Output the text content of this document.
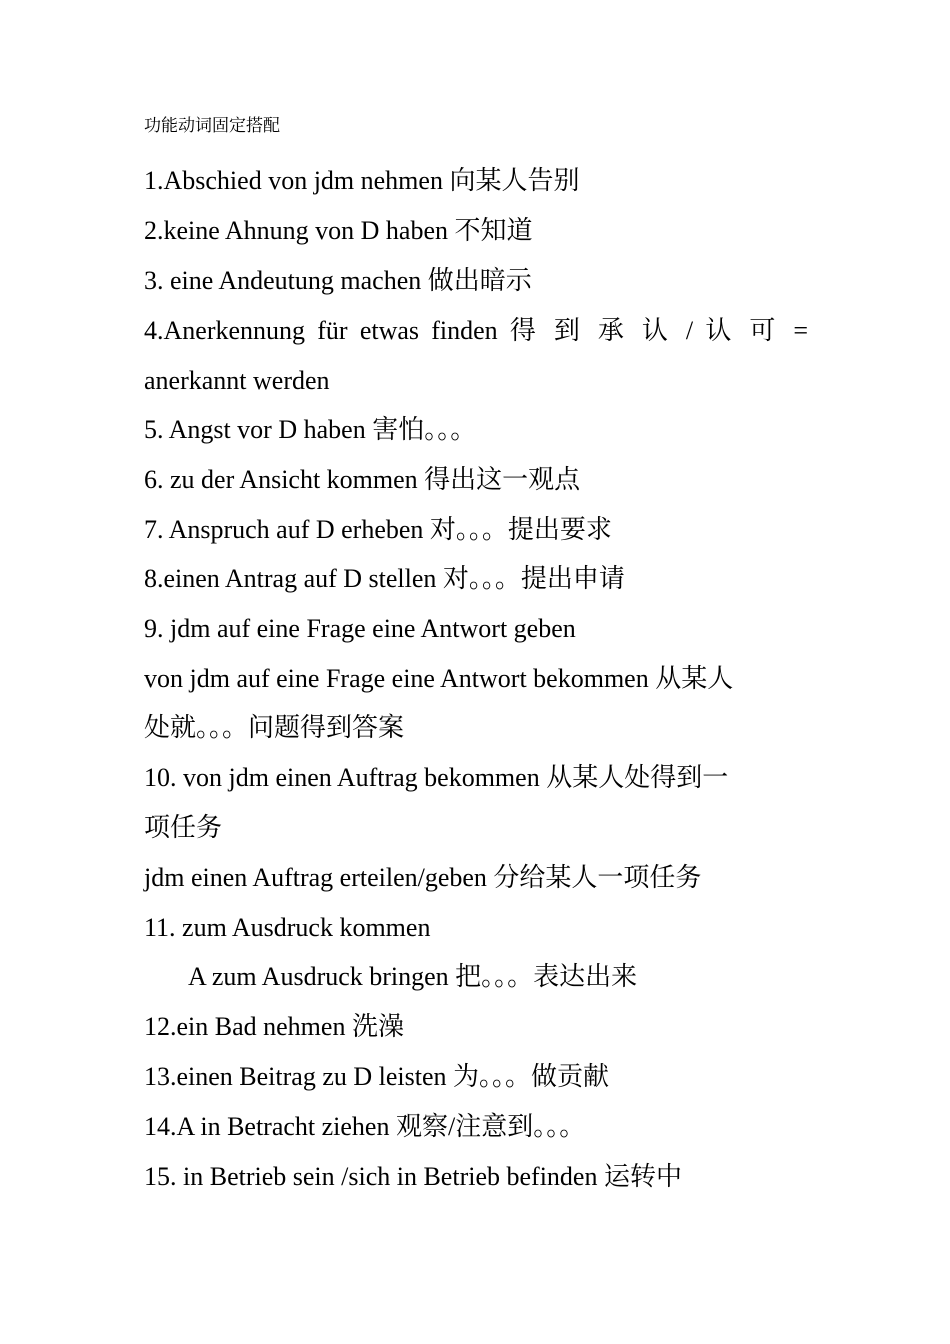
功能动词固定搭配
1.Abschied von jdm nehmen 向某人告别
2.keine Ahnung von D haben 不知道
3. eine Andeutung machen 做出暗示
4.Anerkennung für etwas finden 得 到 承 认 / 认 可 =
anerkannt werden
5. Angst vor D haben 害怕。。。
6. zu der Ansicht kommen 得出这一观点
7. Anspruch auf D erheben 对。。。提出要求
8.einen Antrag auf D stellen 对。。。提出申请
9. jdm auf eine Frage eine Antwort geben
von jdm auf eine Frage eine Antwort bekommen 从某人
处就。。。问题得到答案
10. von jdm einen Auftrag bekommen 从某人处得到一
项任务
jdm einen Auftrag erteilen/geben 分给某人一项任务
11. zum Ausdruck kommen
A zum Ausdruck bringen 把。。。表达出来
12.ein Bad nehmen 洗澡
13.einen Beitrag zu D leisten 为。。。做贡献
14.A in Betracht ziehen 观察/注意到。。。
15. in Betrieb sein /sich in Betrieb befinden 运转中
